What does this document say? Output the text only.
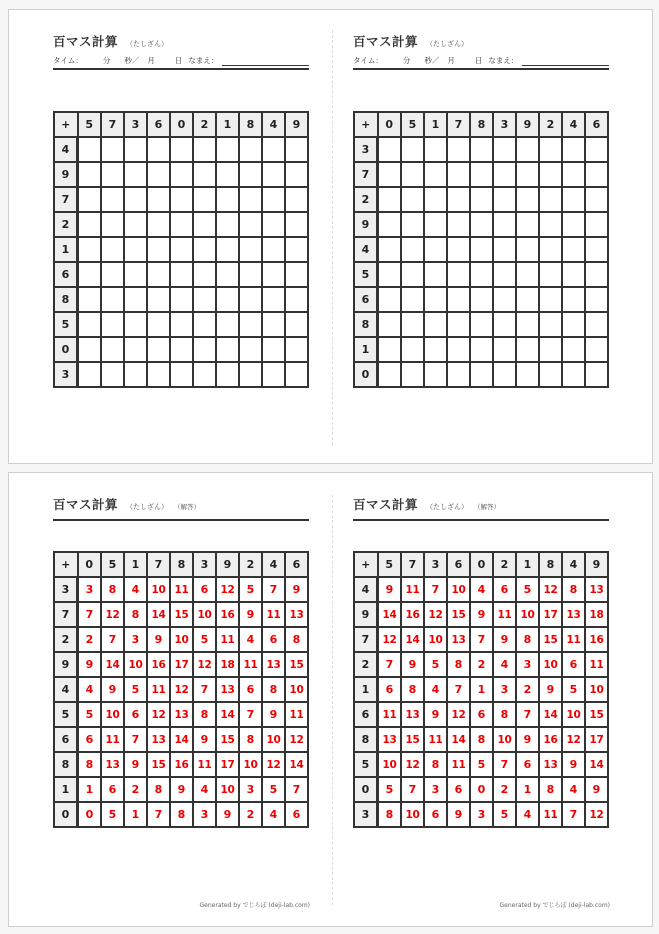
百マス計算 （たしざん）
タイム：	分 秒／ 月	日 なまえ：
+	5	7	3	6	0	2	1	8	4	9
4										
9										
7										
2										
1										
6										
8										
5										
0										
3										
百マス計算 （たしざん）
タイム：	分 秒／ 月	日 なまえ：
+	0	5	1	7	8	3	9	2	4	6
3										
7										
2										
9										
4										
5										
6										
8										
1										
0										
百マス計算 （たしざん） （解答）
+	0	5	1	7	8	3	9	2	4	6
3	3	8	4	10	11	6	12	5	7	9
7	7	12	8	14	15	10	16	9	11	13
2	2	7	3	9	10	5	11	4	6	8
9	9	14	10	16	17	12	18	11	13	15
4	4	9	5	11	12	7	13	6	8	10
5	5	10	6	12	13	8	14	7	9	11
6	6	11	7	13	14	9	15	8	10	12
8	8	13	9	15	16	11	17	10	12	14
1	1	6	2	8	9	4	10	3	5	7
0	0	5	1	7	8	3	9	2	4	6
Generated by でじらぼ (deji-lab.com)
百マス計算 （たしざん） （解答）
+	5	7	3	6	0	2	1	8	4	9
4	9	11	7	10	4	6	5	12	8	13
9	14	16	12	15	9	11	10	17	13	18
7	12	14	10	13	7	9	8	15	11	16
2	7	9	5	8	2	4	3	10	6	11
1	6	8	4	7	1	3	2	9	5	10
6	11	13	9	12	6	8	7	14	10	15
8	13	15	11	14	8	10	9	16	12	17
5	10	12	8	11	5	7	6	13	9	14
0	5	7	3	6	0	2	1	8	4	9
3	8	10	6	9	3	5	4	11	7	12
Generated by でじらぼ (deji-lab.com)
